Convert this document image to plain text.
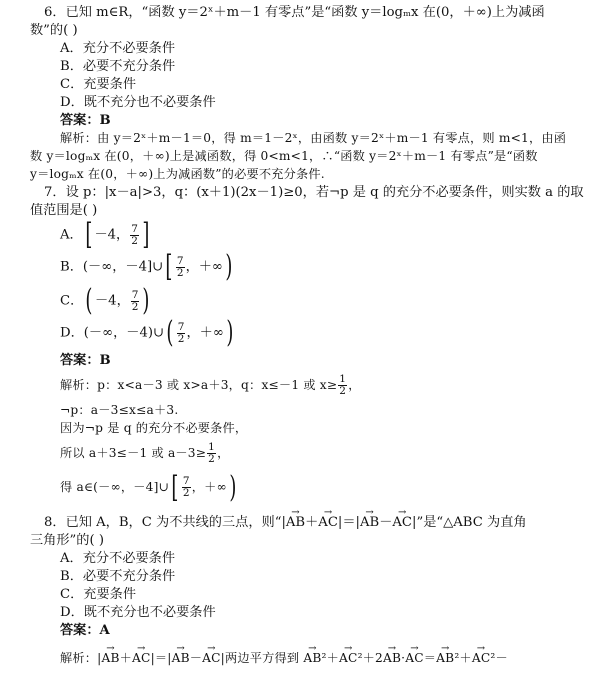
6．已知 m∈R，“函数 y＝2ˣ＋m－1 有零点”是“函数 y＝logₘx 在(0，＋∞)上为减函
数”的( )
A．充分不必要条件
B．必要不充分条件
C．充要条件
D．既不充分也不必要条件
答案：B
解析：由 y＝2ˣ＋m－1＝0，得 m＝1－2ˣ，由函数 y＝2ˣ＋m－1 有零点，则 m<1，由函
数 y＝logₘx 在(0，＋∞)上是减函数，得 0<m<1，∴“函数 y＝2ˣ＋m－1 有零点”是“函数
y＝logₘx 在(0，＋∞)上为减函数”的必要不充分条件.
7．设 p：|x－a|>3，q：(x＋1)(2x－1)≥0，若¬p 是 q 的充分不必要条件，则实数 a 的取
值范围是( )
A．[ －4， $\frac{7}{2}$ ]
B．(－∞，－4]∪[ $\frac{7}{2}$ ，＋∞)
C．( －4， $\frac{7}{2}$ )
D．(－∞，－4)∪( $\frac{7}{2}$ ，＋∞)
答案：B
解析：p：x<a－3 或 x>a＋3，q：x≤－1 或 $x\ge \frac{1}{2}$ ，
¬p：a－3≤x≤a＋3.
因为¬p 是 q 的充分不必要条件，
所以 a＋3≤－1 或 $a-3\ge \frac{1}{2}$ ，
得 a∈(－∞，－4]∪[ $\frac{7}{2}$ ，＋∞)
8．已知 A，B，C 为不共线的三点，则“|→ AB＋→ AC|＝|→ AB－→ AC|”是“△ABC 为直角
三角形”的( )
A．充分不必要条件
B．必要不充分条件
C．充要条件
D．既不充分也不必要条件
答案：A
解析：|→ AB＋→ AC|＝|→ AB－→ AC|两边平方得到 → AB²＋→ AC²＋2→ AB·→ AC＝→ AB²＋→ AC²－
